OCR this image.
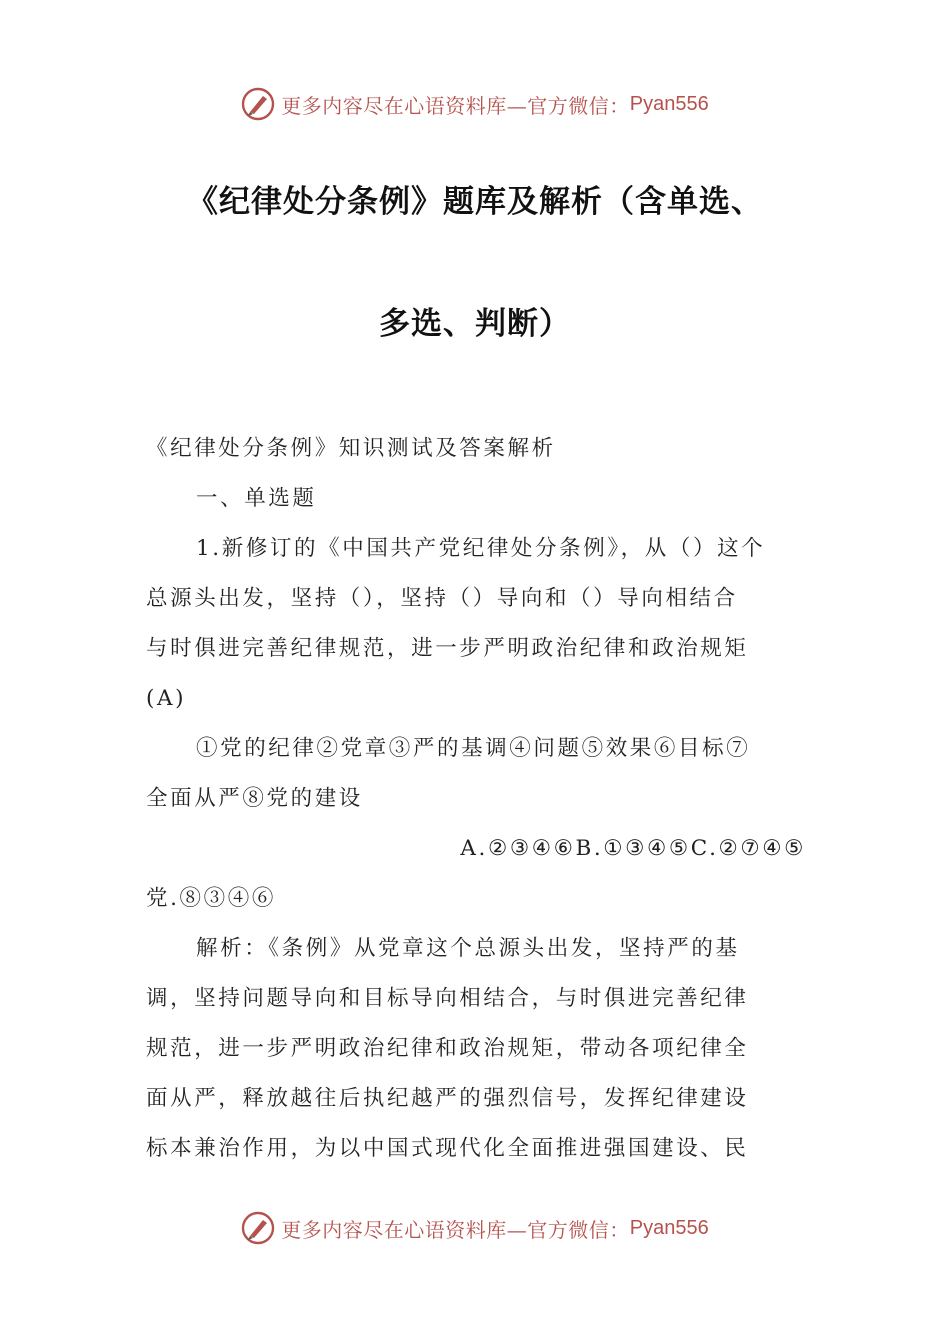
更多内容尽在心语资料库—官方微信： Pyan556
《纪律处分条例》题库及解析（含单选、
多选、判断）
《纪律处分条例》知识测试及答案解析
一、单选题
1.新修订的《中国共产党纪律处分条例》，从（）这个
总源头出发，坚持（），坚持（）导向和（）导向相结合
与时俱进完善纪律规范，进一步严明政治纪律和政治规矩
(A)
①党的纪律②党章③严的基调④问题⑤效果⑥目标⑦
全面从严⑧党的建设
A.②③④⑥B.①③④⑤C.②⑦④⑤
党.⑧③④⑥
解析：《条例》从党章这个总源头出发，坚持严的基
调，坚持问题导向和目标导向相结合，与时俱进完善纪律
规范，进一步严明政治纪律和政治规矩，带动各项纪律全
面从严，释放越往后执纪越严的强烈信号，发挥纪律建设
标本兼治作用，为以中国式现代化全面推进强国建设、民
更多内容尽在心语资料库—官方微信： Pyan556
